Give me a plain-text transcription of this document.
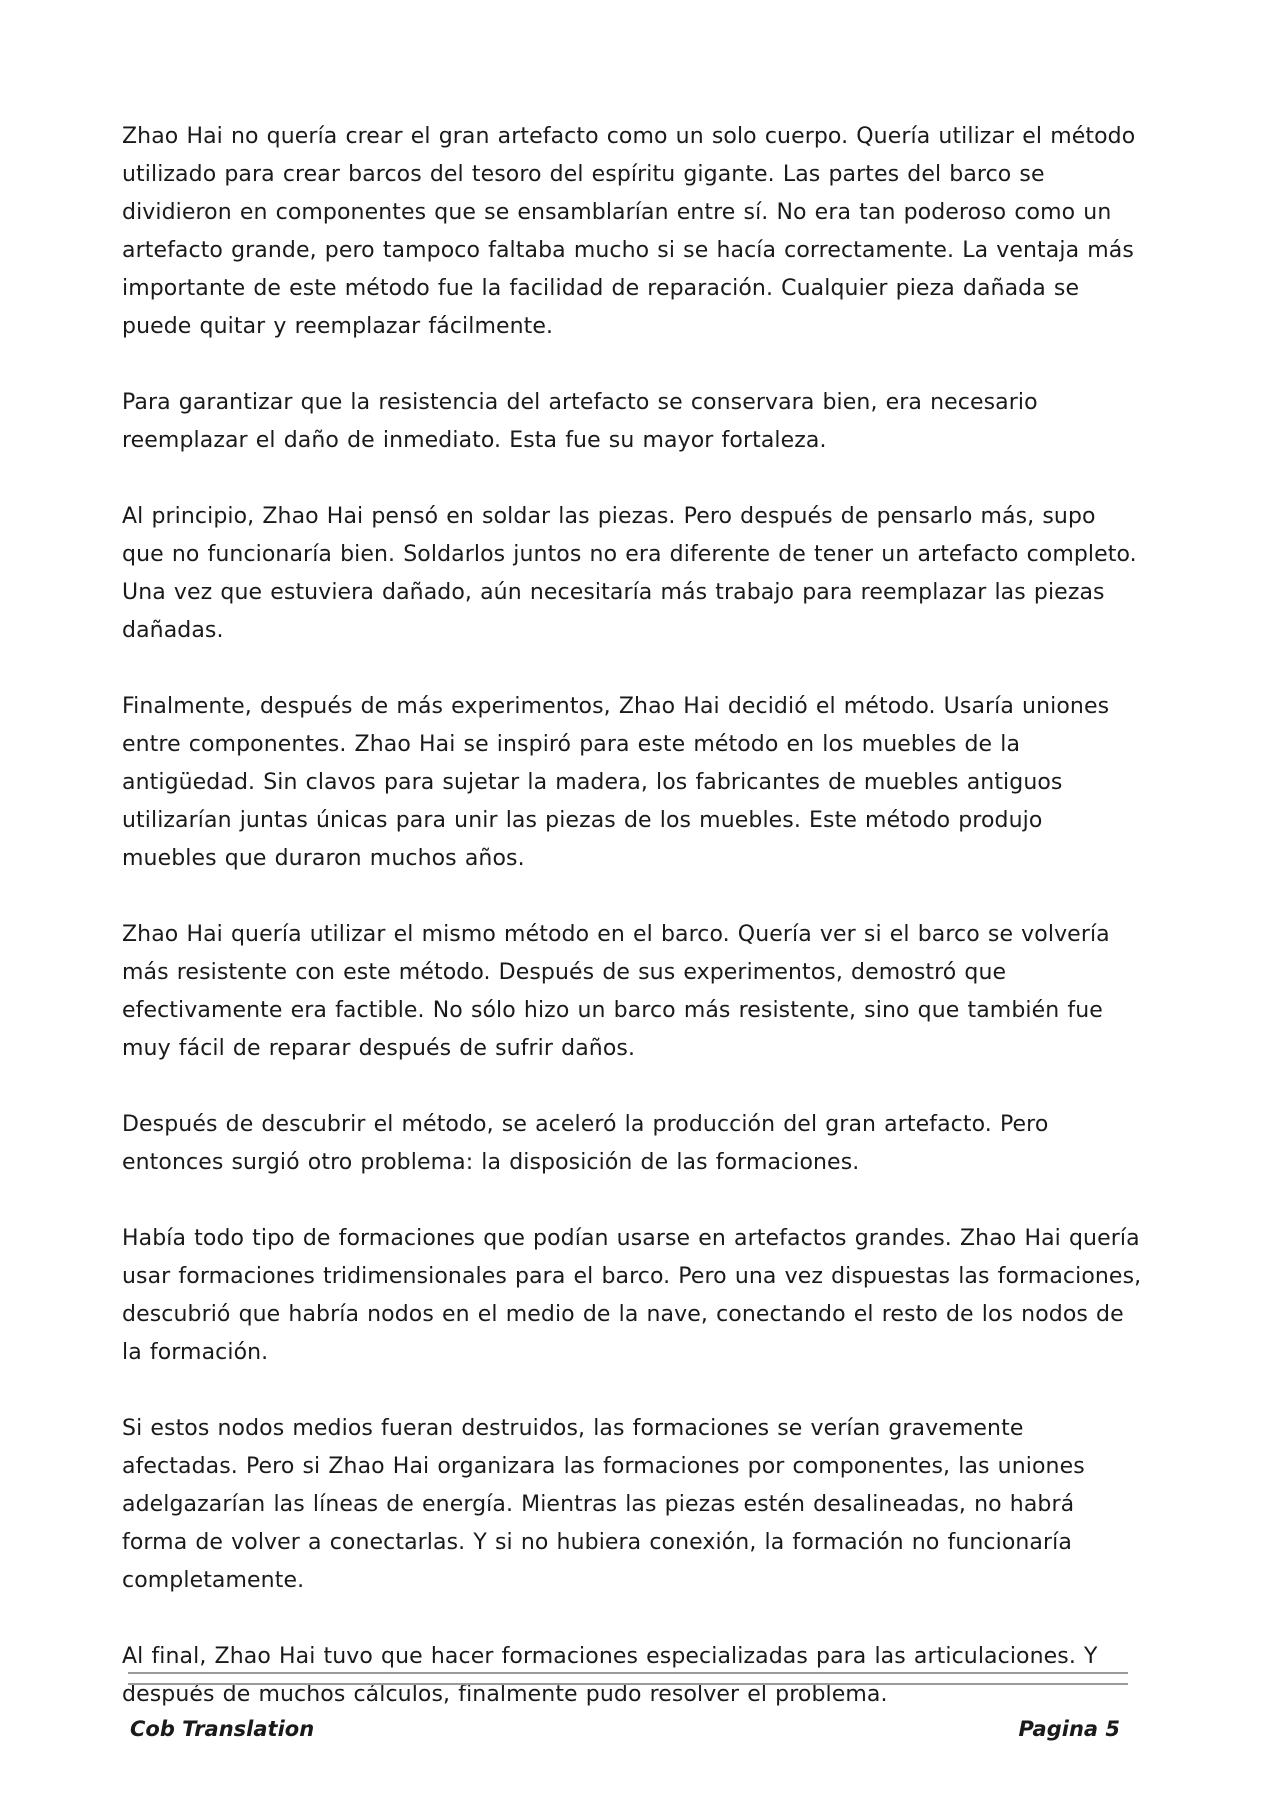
Zhao Hai no quería crear el gran artefacto como un solo cuerpo. Quería utilizar el método utilizado para crear barcos del tesoro del espíritu gigante. Las partes del barco se dividieron en componentes que se ensamblarían entre sí. No era tan poderoso como un artefacto grande, pero tampoco faltaba mucho si se hacía correctamente. La ventaja más importante de este método fue la facilidad de reparación. Cualquier pieza dañada se puede quitar y reemplazar fácilmente.

Para garantizar que la resistencia del artefacto se conservara bien, era necesario reemplazar el daño de inmediato. Esta fue su mayor fortaleza.

Al principio, Zhao Hai pensó en soldar las piezas. Pero después de pensarlo más, supo que no funcionaría bien. Soldarlos juntos no era diferente de tener un artefacto completo. Una vez que estuviera dañado, aún necesitaría más trabajo para reemplazar las piezas dañadas.

Finalmente, después de más experimentos, Zhao Hai decidió el método. Usaría uniones entre componentes. Zhao Hai se inspiró para este método en los muebles de la antigüedad. Sin clavos para sujetar la madera, los fabricantes de muebles antiguos utilizarían juntas únicas para unir las piezas de los muebles. Este método produjo muebles que duraron muchos años.

Zhao Hai quería utilizar el mismo método en el barco. Quería ver si el barco se volvería más resistente con este método. Después de sus experimentos, demostró que efectivamente era factible. No sólo hizo un barco más resistente, sino que también fue muy fácil de reparar después de sufrir daños.

Después de descubrir el método, se aceleró la producción del gran artefacto. Pero entonces surgió otro problema: la disposición de las formaciones.

Había todo tipo de formaciones que podían usarse en artefactos grandes. Zhao Hai quería usar formaciones tridimensionales para el barco. Pero una vez dispuestas las formaciones, descubrió que habría nodos en el medio de la nave, conectando el resto de los nodos de la formación.

Si estos nodos medios fueran destruidos, las formaciones se verían gravemente afectadas. Pero si Zhao Hai organizara las formaciones por componentes, las uniones adelgazarían las líneas de energía. Mientras las piezas estén desalineadas, no habrá forma de volver a conectarlas. Y si no hubiera conexión, la formación no funcionaría completamente.

Al final, Zhao Hai tuvo que hacer formaciones especializadas para las articulaciones. Y después de muchos cálculos, finalmente pudo resolver el problema.

Cob Translation	Pagina 5
